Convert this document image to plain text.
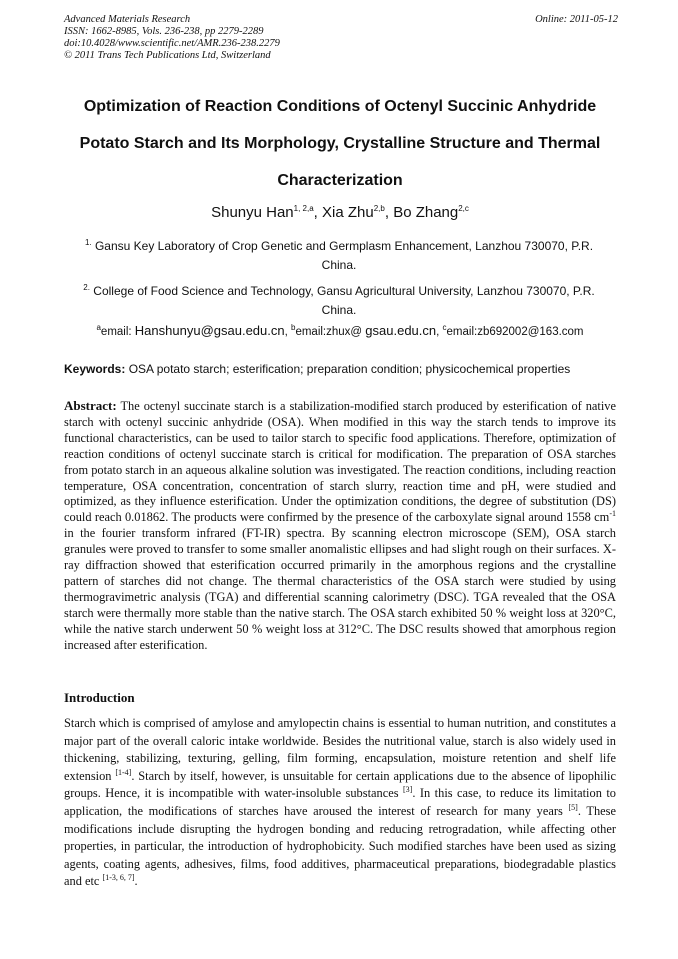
Advanced Materials Research
ISSN: 1662-8985, Vols. 236-238, pp 2279-2289
doi:10.4028/www.scientific.net/AMR.236-238.2279
© 2011 Trans Tech Publications Ltd, Switzerland
Online: 2011-05-12
Optimization of Reaction Conditions of Octenyl Succinic Anhydride
Potato Starch and Its Morphology, Crystalline Structure and Thermal
Characterization
Shunyu Han$^{1, 2,a}$, Xia Zhu$^{2,b}$, Bo Zhang$^{2,c}$
$^{1.}$ Gansu Key Laboratory of Crop Genetic and Germplasm Enhancement, Lanzhou 730070, P.R. China.
$^{2.}$ College of Food Science and Technology, Gansu Agricultural University, Lanzhou 730070, P.R. China.
$^a$email: Hanshunyu@gsau.edu.cn, $^b$email:zhux@ gsau.edu.cn, $^c$email:zb692002@163.com
Keywords: OSA potato starch; esterification; preparation condition; physicochemical properties

Abstract: The octenyl succinate starch is a stabilization-modified starch produced by esterification of native starch with octenyl succinic anhydride (OSA). When modified in this way the starch tends to improve its functional characteristics, can be used to tailor starch to specific food applications. Therefore, optimization of reaction conditions of octenyl succinate starch is critical for modification. The preparation of OSA starches from potato starch in an aqueous alkaline solution was investigated. The reaction conditions, including reaction temperature, OSA concentration, concentration of starch slurry, reaction time and pH, were studied and optimized, as they influence esterification. Under the optimization conditions, the degree of substitution (DS) could reach 0.01862. The products were confirmed by the presence of the carboxylate signal around 1558 $cm^{-1}$ in the fourier transform infrared (FT-IR) spectra. By scanning electron microscope (SEM), OSA starch granules were proved to transfer to some smaller anomalistic ellipses and had slight rough on their surfaces. X-ray diffraction showed that esterification occurred primarily in the amorphous regions and the crystalline pattern of starches did not change. The thermal characteristics of the OSA starch were studied by using thermogravimetric analysis (TGA) and differential scanning calorimetry (DSC). TGA revealed that the OSA starch were thermally more stable than the native starch. The OSA starch exhibited 50 % weight loss at 320°C, while the native starch underwent 50 % weight loss at 312°C. The DSC results showed that amorphous region increased after esterification.

Introduction

Starch which is comprised of amylose and amylopectin chains is essential to human nutrition, and constitutes a major part of the overall caloric intake worldwide. Besides the nutritional value, starch is also widely used in thickening, stabilizing, texturing, gelling, film forming, encapsulation, moisture retention and shelf life extension [1-4]. Starch by itself, however, is unsuitable for certain applications due to the absence of lipophilic groups. Hence, it is incompatible with water-insoluble substances [3]. In this case, to reduce its limitation to application, the modifications of starches have aroused the interest of research for many years [5]. These modifications include disrupting the hydrogen bonding and reducing retrogradation, while affecting other properties, in particular, the introduction of hydrophobicity. Such modified starches have been used as sizing agents, coating agents, adhesives, films, food additives, pharmaceutical preparations, biodegradable plastics and etc [1-3, 6, 7].
